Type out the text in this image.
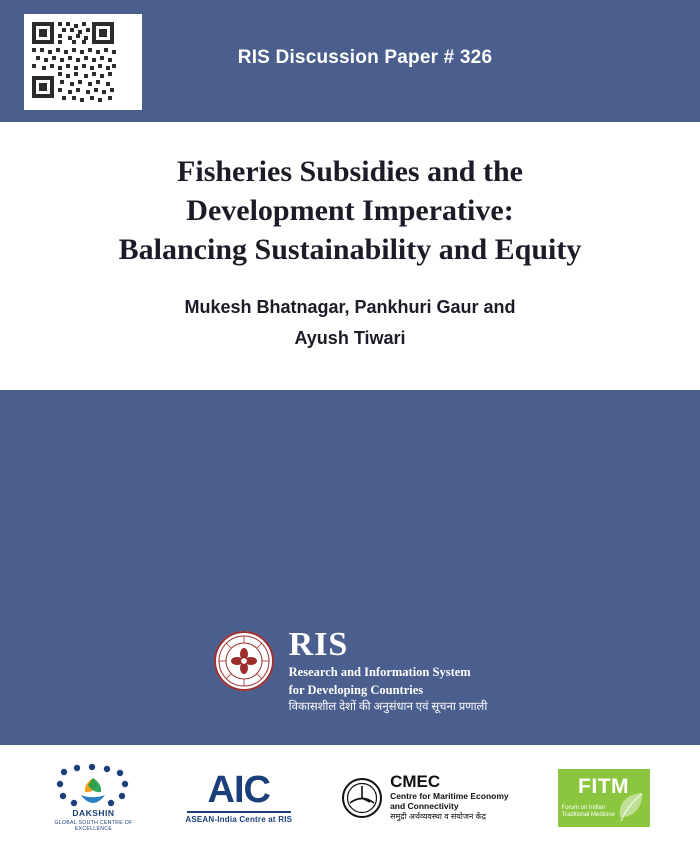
RIS Discussion Paper # 326
Fisheries Subsidies and the
Development Imperative:
Balancing Sustainability and Equity
Mukesh Bhatnagar, Pankhuri Gaur and
Ayush Tiwari
RIS
Research and Information System
for Developing Countries
विकासशील देशों की अनुसंधान एवं सूचना प्रणाली
DAKSHIN
GLOBAL SOUTH CENTRE OF EXCELLENCE
AIC
ASEAN-India Centre at RIS
CMEC
Centre for Maritime Economy
and Connectivity
समुद्री अर्थव्यवस्था व संयोजन केंद्र
FITM
Forum on Indian
Traditional Medicine
